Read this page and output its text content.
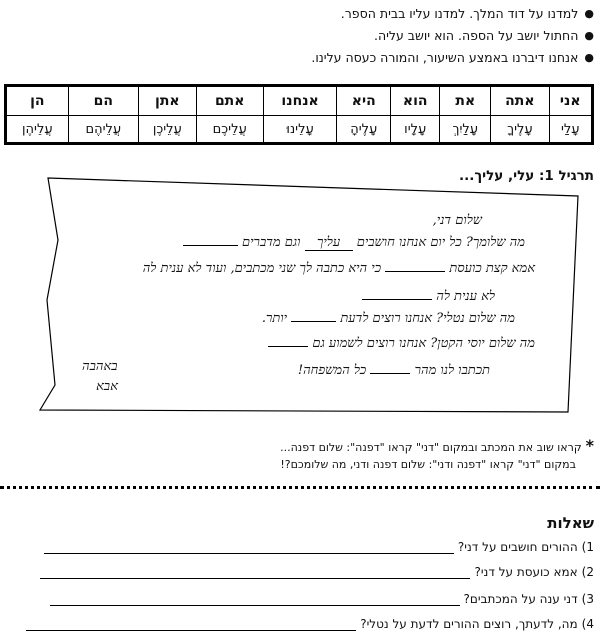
●
למדנו על דוד המלך. למדנו עליו בבית הספר.
●
החתול יושב על הספה. הוא יושב עליה.
●
אנחנו דיברנו באמצע השיעור, והמורה כעסה עלינו.
אני	אתה	את	הוא	היא	אנחנו	אתם	אתן	הם	הן
עָלַי	עָלֶיךָ	עָלַיִךְ	עָלָיו	עָלֶיהָ	עָלֵינוּ	עֲלֵיכֶם	עֲלֵיכֶן	עֲלֵיהֶם	עֲלֵיהֶן
תרגיל 1: עלי, עליך...
שלום דני,
מה שלומך? כל יום אנחנו חושבים עליך וגם מדברים
אמא קצת כועסת  כי היא כתבה לך שני מכתבים, ועוד לא ענית לה
לא ענית לה
מה שלום נטלי? אנחנו רוצים לדעת  יותר.
מה שלום יוסי הקטן? אנחנו רוצים לשמוע גם
תכתבו לנו מהר  כל המשפחה!
באהבה
אבא
*קראו שוב את המכתב ובמקום "דני" קראו "דפנה": שלום דפנה...
במקום "דני" קראו "דפנה ודני": שלום דפנה ודני, מה שלומכם?!
שאלות
1)
ההורים חושבים על דני?
2)
אמא כועסת על דני?
3)
דני ענה על המכתבים?
4)
מה, לדעתך, רוצים ההורים לדעת על נטלי?
